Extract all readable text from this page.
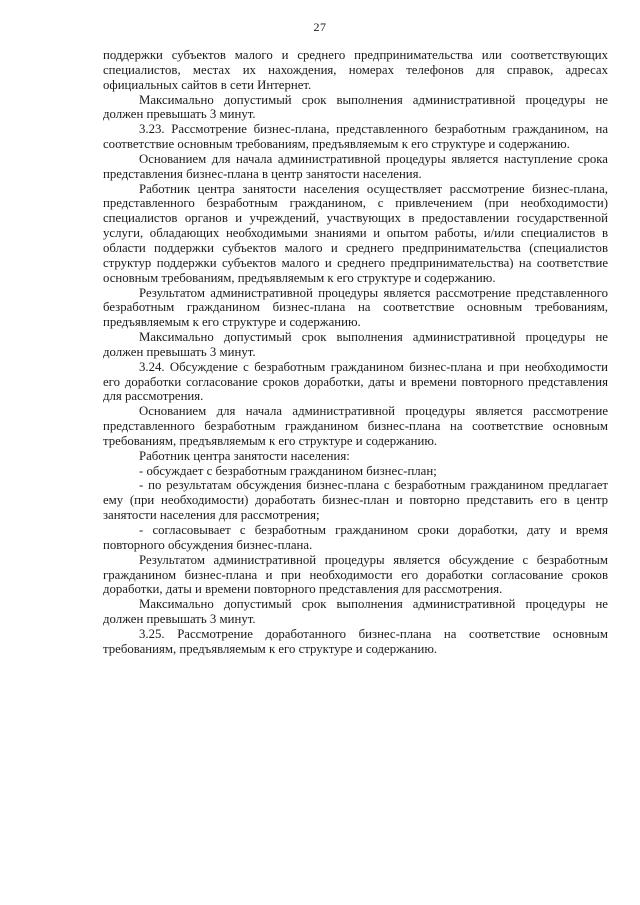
27

поддержки субъектов малого и среднего предпринимательства или соответствующих специалистов, местах их нахождения, номерах телефонов для справок, адресах официальных сайтов в сети Интернет.

Максимально допустимый срок выполнения административной процедуры не должен превышать 3 минут.

3.23. Рассмотрение бизнес-плана, представленного безработным гражданином, на соответствие основным требованиям, предъявляемым к его структуре и содержанию.

Основанием для начала административной процедуры является наступление срока представления бизнес-плана в центр занятости населения.

Работник центра занятости населения осуществляет рассмотрение бизнес-плана, представленного безработным гражданином, с привлечением (при необходимости) специалистов органов и учреждений, участвующих в предоставлении государственной услуги, обладающих необходимыми знаниями и опытом работы, и/или специалистов в области поддержки субъектов малого и среднего предпринимательства (специалистов структур поддержки субъектов малого и среднего предпринимательства) на соответствие основным требованиям, предъявляемым к его структуре и содержанию.

Результатом административной процедуры является рассмотрение представленного безработным гражданином бизнес-плана на соответствие основным требованиям, предъявляемым к его структуре и содержанию.

Максимально допустимый срок выполнения административной процедуры не должен превышать 3 минут.

3.24. Обсуждение с безработным гражданином бизнес-плана и при необходимости его доработки согласование сроков доработки, даты и времени повторного представления для рассмотрения.

Основанием для начала административной процедуры является рассмотрение представленного безработным гражданином бизнес-плана на соответствие основным требованиям, предъявляемым к его структуре и содержанию.

Работник центра занятости населения:

- обсуждает с безработным гражданином бизнес-план;

- по результатам обсуждения бизнес-плана с безработным гражданином предлагает ему (при необходимости) доработать бизнес-план и повторно представить его в центр занятости населения для рассмотрения;

- согласовывает с безработным гражданином сроки доработки, дату и время повторного обсуждения бизнес-плана.

Результатом административной процедуры является обсуждение с безработным гражданином бизнес-плана и при необходимости его доработки согласование сроков доработки, даты и времени повторного представления для рассмотрения.

Максимально допустимый срок выполнения административной процедуры не должен превышать 3 минут.

3.25. Рассмотрение доработанного бизнес-плана на соответствие основным требованиям, предъявляемым к его структуре и содержанию.
